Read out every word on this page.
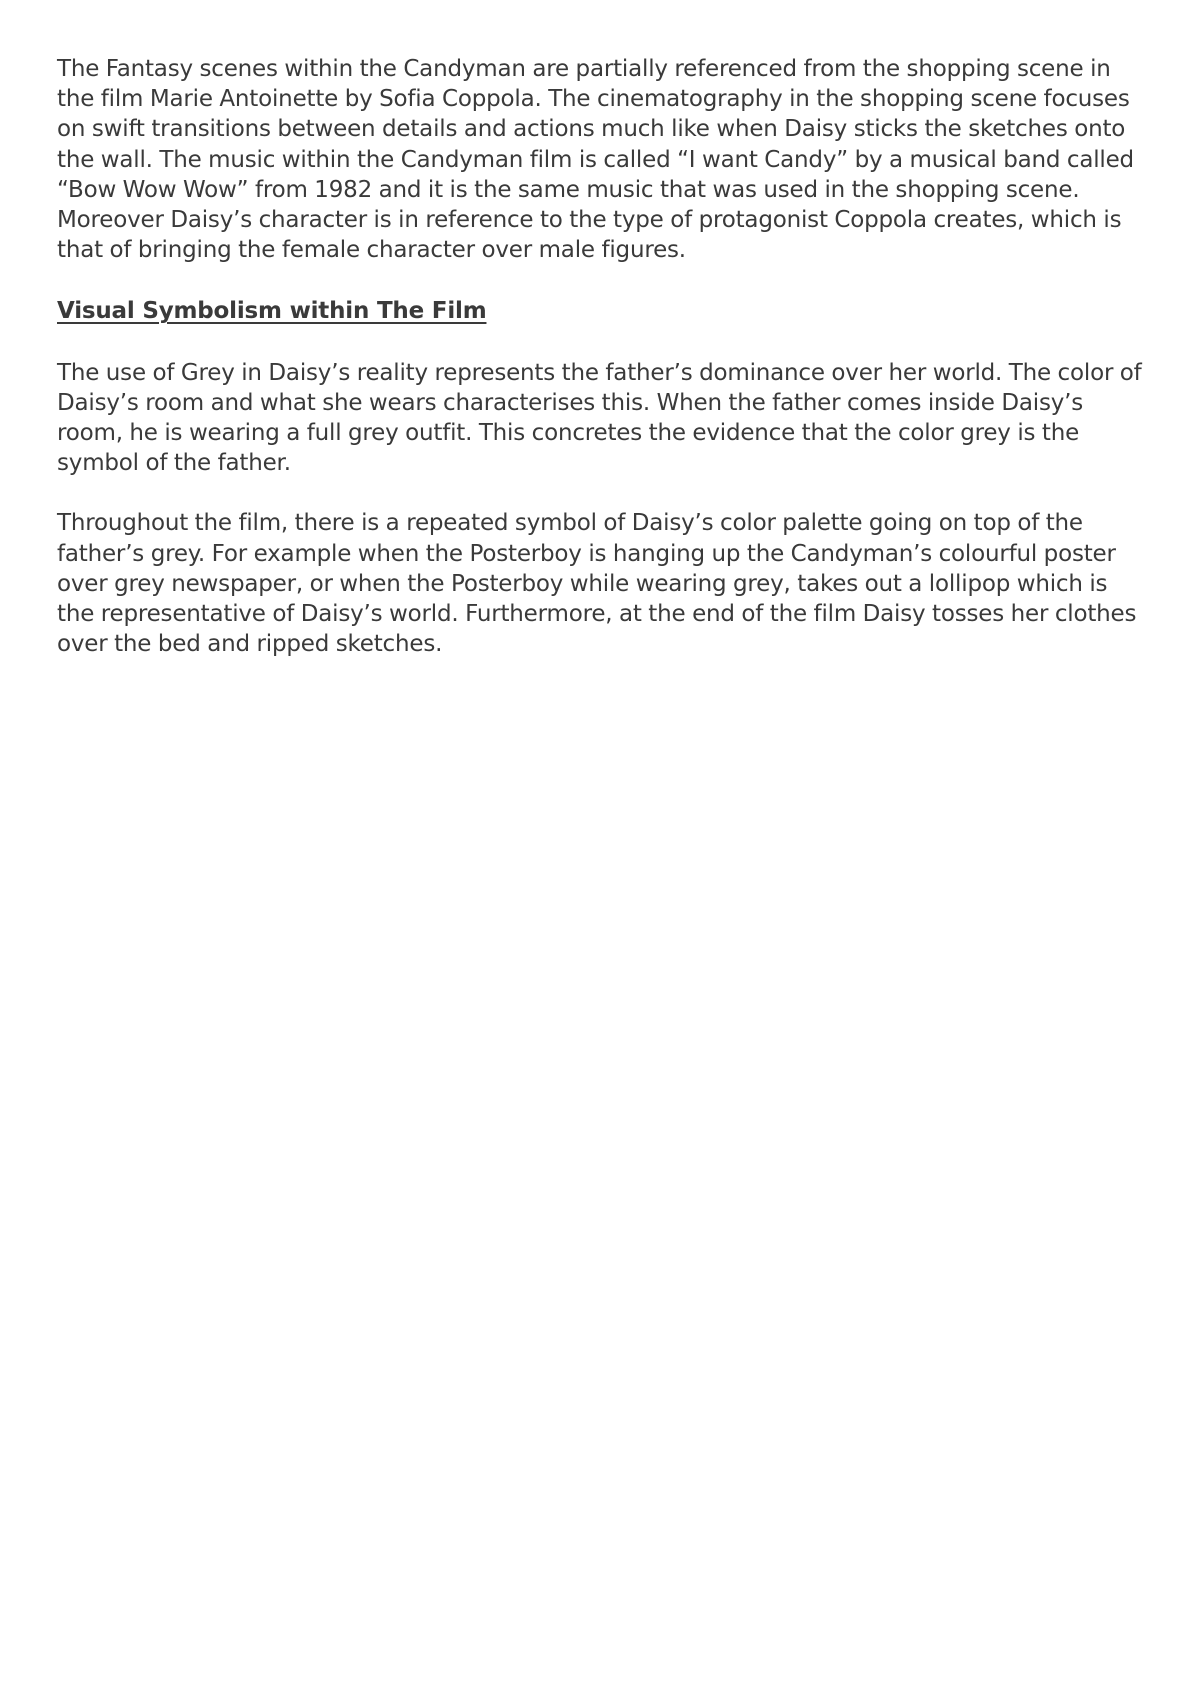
The Fantasy scenes within the Candyman are partially referenced from the shopping scene in the film Marie Antoinette by Sofia Coppola. The cinematography in the shopping scene focuses on swift transitions between details and actions much like when Daisy sticks the sketches onto the wall. The music within the Candyman film is called “I want Candy” by a musical band called “Bow Wow Wow” from 1982 and it is the same music that was used in the shopping scene. Moreover Daisy’s character is in reference to the type of protagonist Coppola creates, which is that of bringing the female character over male figures.

Visual Symbolism within The Film

The use of Grey in Daisy’s reality represents the father’s dominance over her world. The color of Daisy’s room and what she wears characterises this. When the father comes inside Daisy’s room, he is wearing a full grey outfit. This concretes the evidence that the color grey is the symbol of the father.

Throughout the film, there is a repeated symbol of Daisy’s color palette going on top of the father’s grey. For example when the Posterboy is hanging up the Candyman’s colourful poster over grey newspaper, or when the Posterboy while wearing grey, takes out a lollipop which is the representative of Daisy’s world. Furthermore, at the end of the film Daisy tosses her clothes over the bed and ripped sketches.
